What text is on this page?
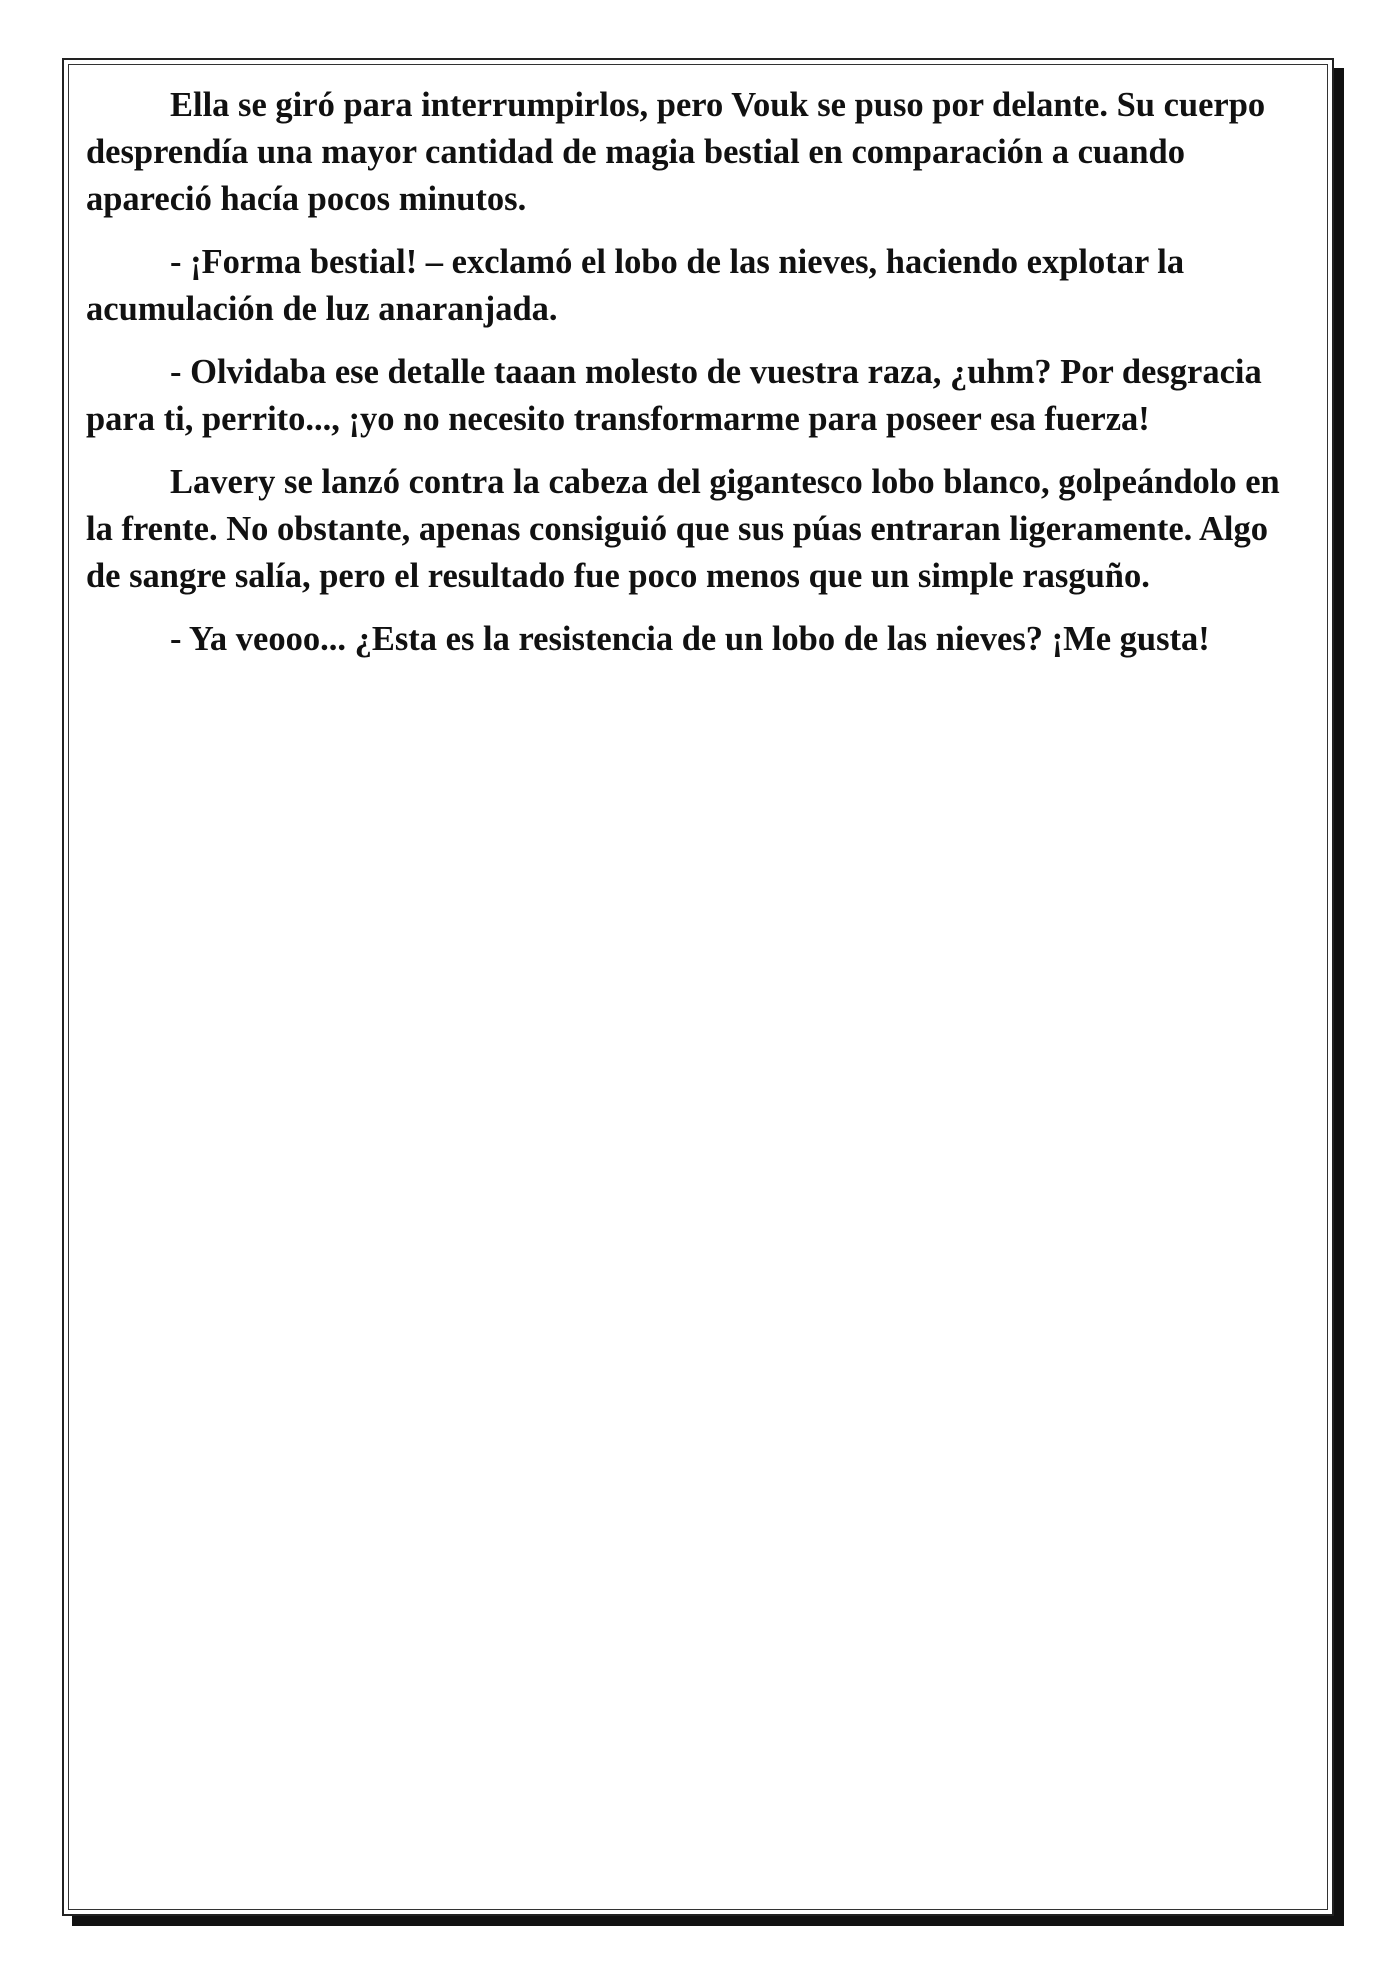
Ella se giró para interrumpirlos, pero Vouk se puso por delante. Su cuerpo desprendía una mayor cantidad de magia bestial en comparación a cuando apareció hacía pocos minutos.

- ¡Forma bestial! – exclamó el lobo de las nieves, haciendo explotar la acumulación de luz anaranjada.

- Olvidaba ese detalle taaan molesto de vuestra raza, ¿uhm? Por desgracia para ti, perrito..., ¡yo no necesito transformarme para poseer esa fuerza!

Lavery se lanzó contra la cabeza del gigantesco lobo blanco, golpeándolo en la frente. No obstante, apenas consiguió que sus púas entraran ligeramente. Algo de sangre salía, pero el resultado fue poco menos que un simple rasguño.

- Ya veooo... ¿Esta es la resistencia de un lobo de las nieves? ¡Me gusta!
